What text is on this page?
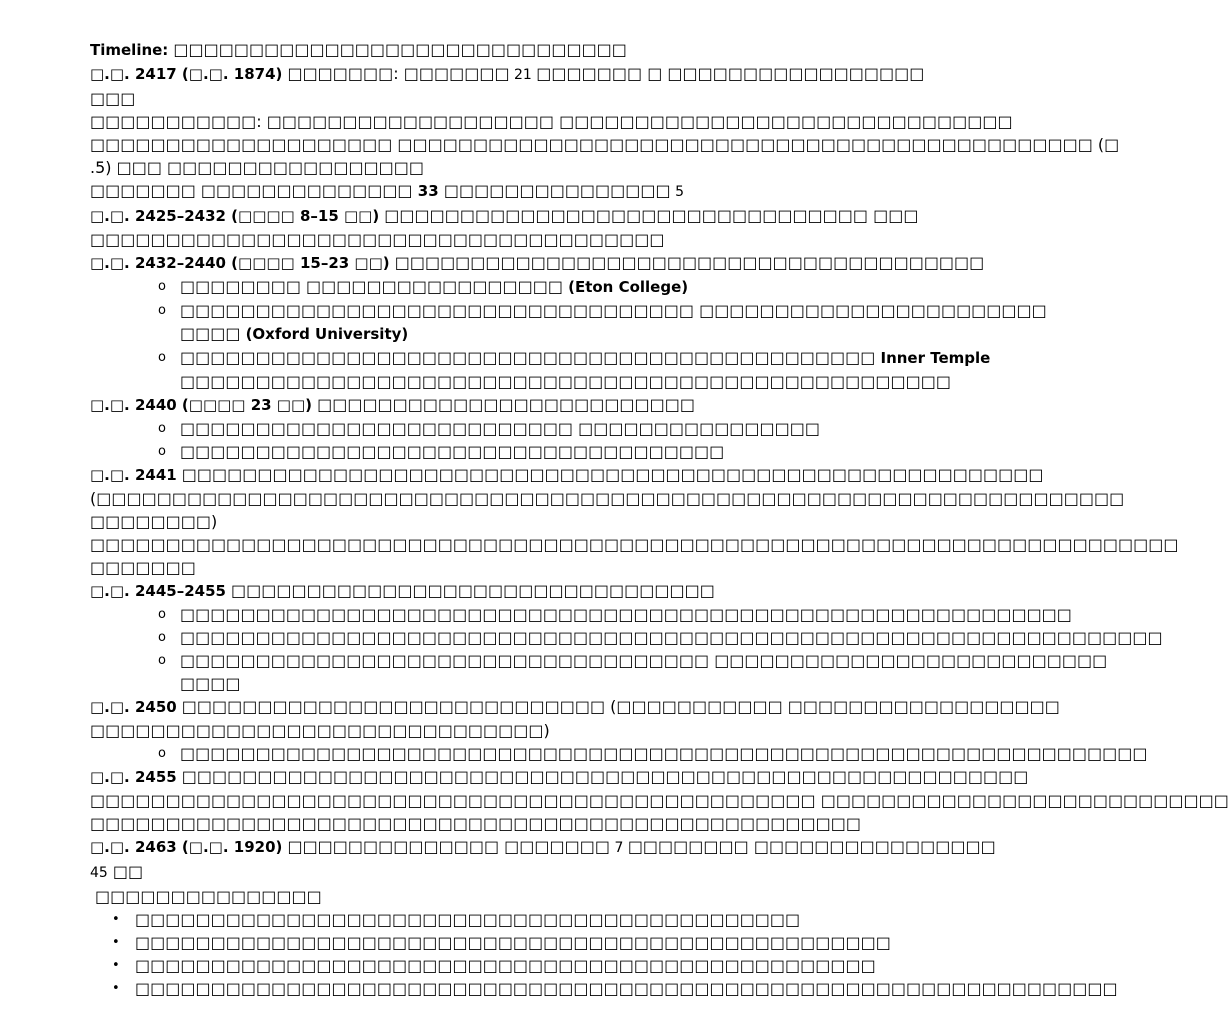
Timeline: □□□□□□□□□□□□□□□□□□□□□□□□□□□□□□
□.□. 2417 (□.□. 1874) □□□□□□□: □□□□□□□ 21 □□□□□□□ □ □□□□□□□□□□□□□□□□□
□□□
□□□□□□□□□□□: □□□□□□□□□□□□□□□□□□□ □□□□□□□□□□□□□□□□□□□□□□□□□□□□□□
□□□□□□□□□□□□□□□□□□□□ □□□□□□□□□□□□□□□□□□□□□□□□□□□□□□□□□□□□□□□□□□□□□□ (□
.5) □□□ □□□□□□□□□□□□□□□□□
□□□□□□□ □□□□□□□□□□□□□□ 33 □□□□□□□□□□□□□□□ 5
□.□. 2425–2432 (□□□□ 8–15 □□) □□□□□□□□□□□□□□□□□□□□□□□□□□□□□□□□ □□□
□□□□□□□□□□□□□□□□□□□□□□□□□□□□□□□□□□□□□□
□.□. 2432–2440 (□□□□ 15–23 □□) □□□□□□□□□□□□□□□□□□□□□□□□□□□□□□□□□□□□□□□
o □□□□□□□□ □□□□□□□□□□□□□□□□□ (Eton College)
o □□□□□□□□□□□□□□□□□□□□□□□□□□□□□□□□□□ □□□□□□□□□□□□□□□□□□□□□□□
□□□□ (Oxford University)
o □□□□□□□□□□□□□□□□□□□□□□□□□□□□□□□□□□□□□□□□□□□□□□ Inner Temple
□□□□□□□□□□□□□□□□□□□□□□□□□□□□□□□□□□□□□□□□□□□□□□□□□□□
□.□. 2440 (□□□□ 23 □□) □□□□□□□□□□□□□□□□□□□□□□□□□
o □□□□□□□□□□□□□□□□□□□□□□□□□□ □□□□□□□□□□□□□□□□
o □□□□□□□□□□□□□□□□□□□□□□□□□□□□□□□□□□□□
□.□. 2441 □□□□□□□□□□□□□□□□□□□□□□□□□□□□□□□□□□□□□□□□□□□□□□□□□□□□□□□□□
(□□□□□□□□□□□□□□□□□□□□□□□□□□□□□□□□□□□□□□□□□□□□□□□□□□□□□□□□□□□□□□□□□□□□
□□□□□□□□)
□□□□□□□□□□□□□□□□□□□□□□□□□□□□□□□□□□□□□□□□□□□□□□□□□□□□□□□□□□□□□□□□□□□□□□□□
□□□□□□□
□.□. 2445–2455 □□□□□□□□□□□□□□□□□□□□□□□□□□□□□□□□
o □□□□□□□□□□□□□□□□□□□□□□□□□□□□□□□□□□□□□□□□□□□□□□□□□□□□□□□□□□□
o □□□□□□□□□□□□□□□□□□□□□□□□□□□□□□□□□□□□□□□□□□□□□□□□□□□□□□□□□□□□□□□□□
o □□□□□□□□□□□□□□□□□□□□□□□□□□□□□□□□□□□ □□□□□□□□□□□□□□□□□□□□□□□□□□
□□□□
□.□. 2450 □□□□□□□□□□□□□□□□□□□□□□□□□□□□ (□□□□□□□□□□□ □□□□□□□□□□□□□□□□□□
□□□□□□□□□□□□□□□□□□□□□□□□□□□□□□)
o □□□□□□□□□□□□□□□□□□□□□□□□□□□□□□□□□□□□□□□□□□□□□□□□□□□□□□□□□□□□□□□□
□.□. 2455 □□□□□□□□□□□□□□□□□□□□□□□□□□□□□□□□□□□□□□□□□□□□□□□□□□□□□□□□
□□□□□□□□□□□□□□□□□□□□□□□□□□□□□□□□□□□□□□□□□□□□□□□□ □□□□□□□□□□□□□□□□□□□□□□□□□□□
□□□□□□□□□□□□□□□□□□□□□□□□□□□□□□□□□□□□□□□□□□□□□□□□□□□
□.□. 2463 (□.□. 1920) □□□□□□□□□□□□□□ □□□□□□□ 7 □□□□□□□□ □□□□□□□□□□□□□□□□
45 □□
□□□□□□□□□□□□□□□
• □□□□□□□□□□□□□□□□□□□□□□□□□□□□□□□□□□□□□□□□□□□□
• □□□□□□□□□□□□□□□□□□□□□□□□□□□□□□□□□□□□□□□□□□□□□□□□□□
• □□□□□□□□□□□□□□□□□□□□□□□□□□□□□□□□□□□□□□□□□□□□□□□□□
• □□□□□□□□□□□□□□□□□□□□□□□□□□□□□□□□□□□□□□□□□□□□□□□□□□□□□□□□□□□□□□□□□
